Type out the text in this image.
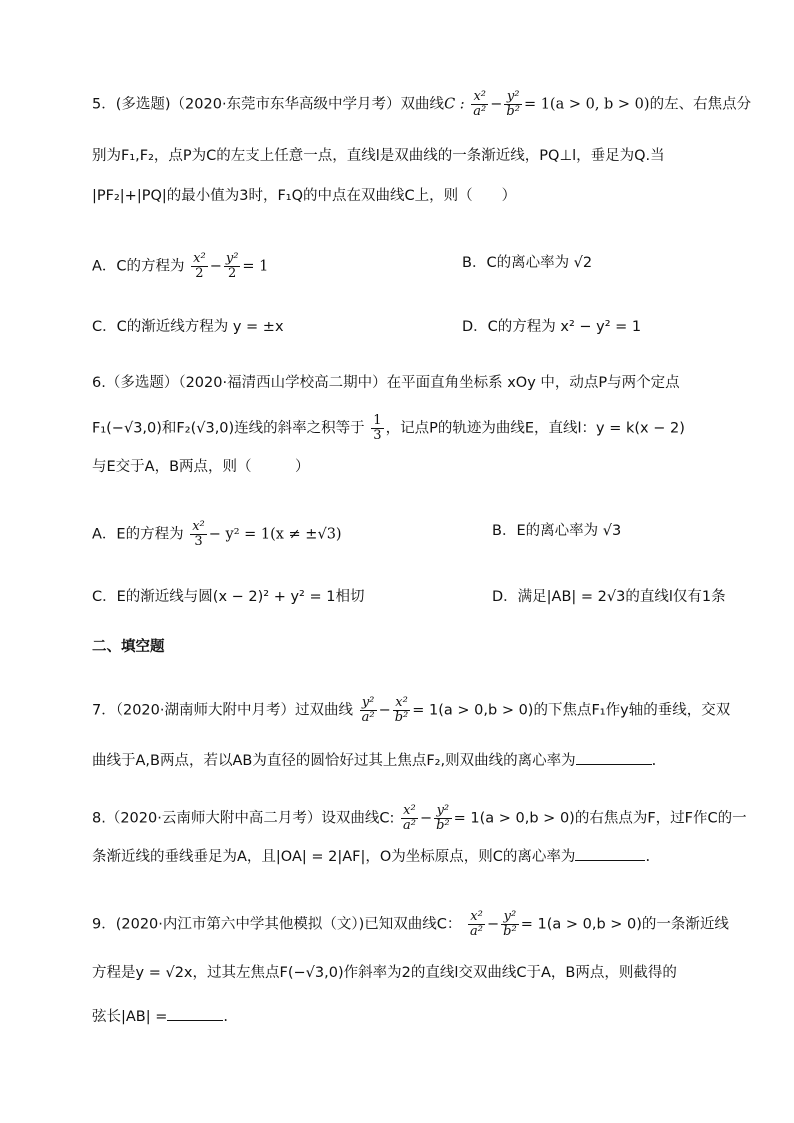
5．(多选题)（2020·东莞市东华高级中学月考）双曲线C : $\frac{\text{x²}}{\text{a²}} - \frac{\text{y²}}{\text{b²}} = 1(a > 0$, b > 0)的左、右焦点分
别为F₁,F₂，点P为C的左支上任意一点，直线l是双曲线的一条渐近线，PQ⊥l，垂足为Q.当
|PF₂|+|PQ|的最小值为3时，F₁Q的中点在双曲线C上，则（　　）
A．C的方程为 $\frac{\text{x²}}{2} - \frac{\text{y²}}{2} = 1$	B．C的离心率为 √2
C．C的渐近线方程为 y = ±x	D．C的方程为 x² − y² = 1
6.（多选题）（2020·福清西山学校高二期中）在平面直角坐标系 xOy 中，动点P与两个定点
F₁(−√3,0)和F₂(√3,0)连线的斜率之积等于 $\frac{1}{3}$ ，记点P的轨迹为曲线E，直线l：y = k(x − 2)
与E交于A，B两点，则（　　　）
A．E的方程为 $\frac{\text{x²}}{3} - y^2 = 1(x \ne \pm√3)$	B．E的离心率为 √3
C．E的渐近线与圆(x − 2)² + y² = 1相切	D．满足|AB| = 2√3的直线l仅有1条
二、填空题
7．（2020·湖南师大附中月考）过双曲线 $\frac{\text{y²}}{\text{a²}} - \frac{\text{x²}}{\text{b²}} = 1(a > 0,b > 0)$的下焦点F₁作y轴的垂线，交双
曲线于A,B两点，若以AB为直径的圆恰好过其上焦点F₂,则双曲线的离心率为	.
8.（2020·云南师大附中高二月考）设双曲线C: $\frac{\text{x²}}{\text{a²}} - \frac{\text{y²}}{\text{b²}} = 1(a > 0,b > 0)$的右焦点为F，过F作C的一
条渐近线的垂线垂足为A，且|OA| = 2|AF|，O为坐标原点，则C的离心率为	.
9．(2020·内江市第六中学其他模拟（文）)已知双曲线C： $\frac{\text{x²}}{\text{a²}} - \frac{\text{y²}}{\text{b²}} = 1(a > 0,b > 0)$的一条渐近线
方程是y = √2x，过其左焦点F(−√3,0)作斜率为2的直线l交双曲线C于A，B两点，则截得的
弦长|AB| =	.
